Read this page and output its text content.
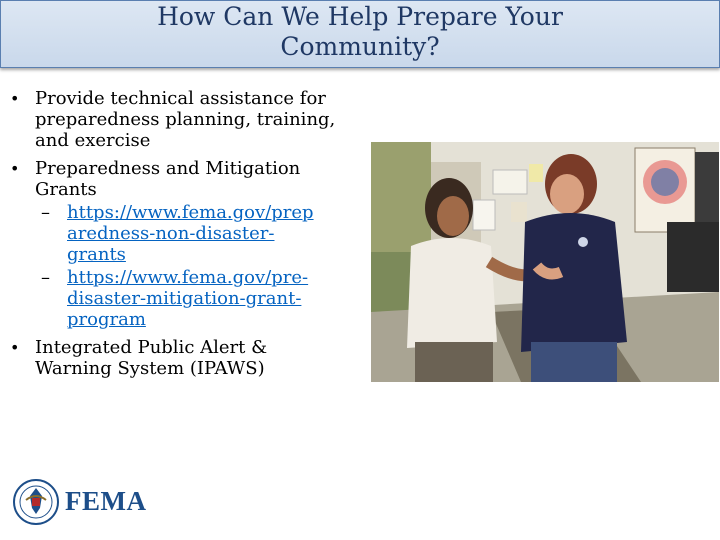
How Can We Help Prepare Your
Community?
• Provide technical assistance for
preparedness planning, training,
and exercise
• Preparedness and Mitigation
Grants
– https://www.fema.gov/prep
aredness-non-disaster-
grants
– https://www.fema.gov/pre-
disaster-mitigation-grant-
program
• Integrated Public Alert &
Warning System (IPAWS)
FEMA
